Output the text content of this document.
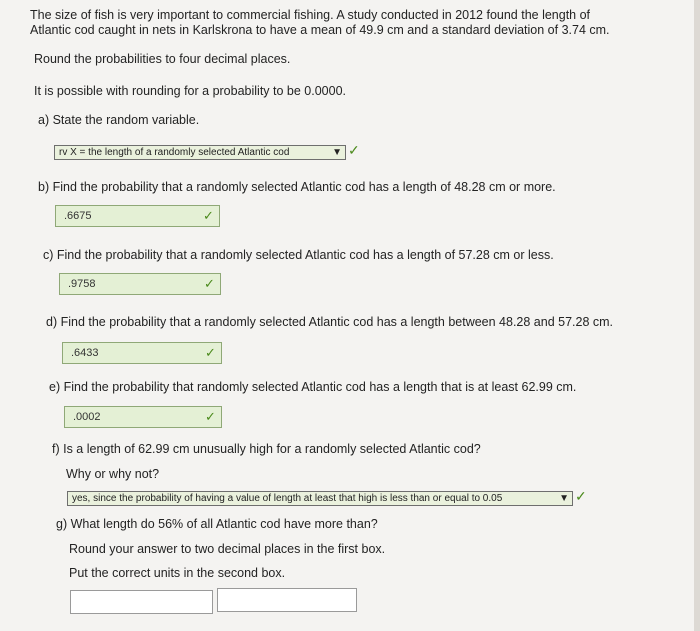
The size of fish is very important to commercial fishing. A study conducted in 2012 found the length of
Atlantic cod caught in nets in Karlskrona to have a mean of 49.9 cm and a standard deviation of 3.74 cm.
Round the probabilities to four decimal places.
It is possible with rounding for a probability to be 0.0000.
a) State the random variable.
rv X = the length of a randomly selected Atlantic cod	▼ ✓
b) Find the probability that a randomly selected Atlantic cod has a length of 48.28 cm or more.
.6675	✓
c) Find the probability that a randomly selected Atlantic cod has a length of 57.28 cm or less.
.9758	✓
d) Find the probability that a randomly selected Atlantic cod has a length between 48.28 and 57.28 cm.
.6433	✓
e) Find the probability that randomly selected Atlantic cod has a length that is at least 62.99 cm.
.0002	✓
f) Is a length of 62.99 cm unusually high for a randomly selected Atlantic cod?
Why or why not?
yes, since the probability of having a value of length at least that high is less than or equal to 0.05	▼ ✓
g) What length do 56% of all Atlantic cod have more than?
Round your answer to two decimal places in the first box.
Put the correct units in the second box.
